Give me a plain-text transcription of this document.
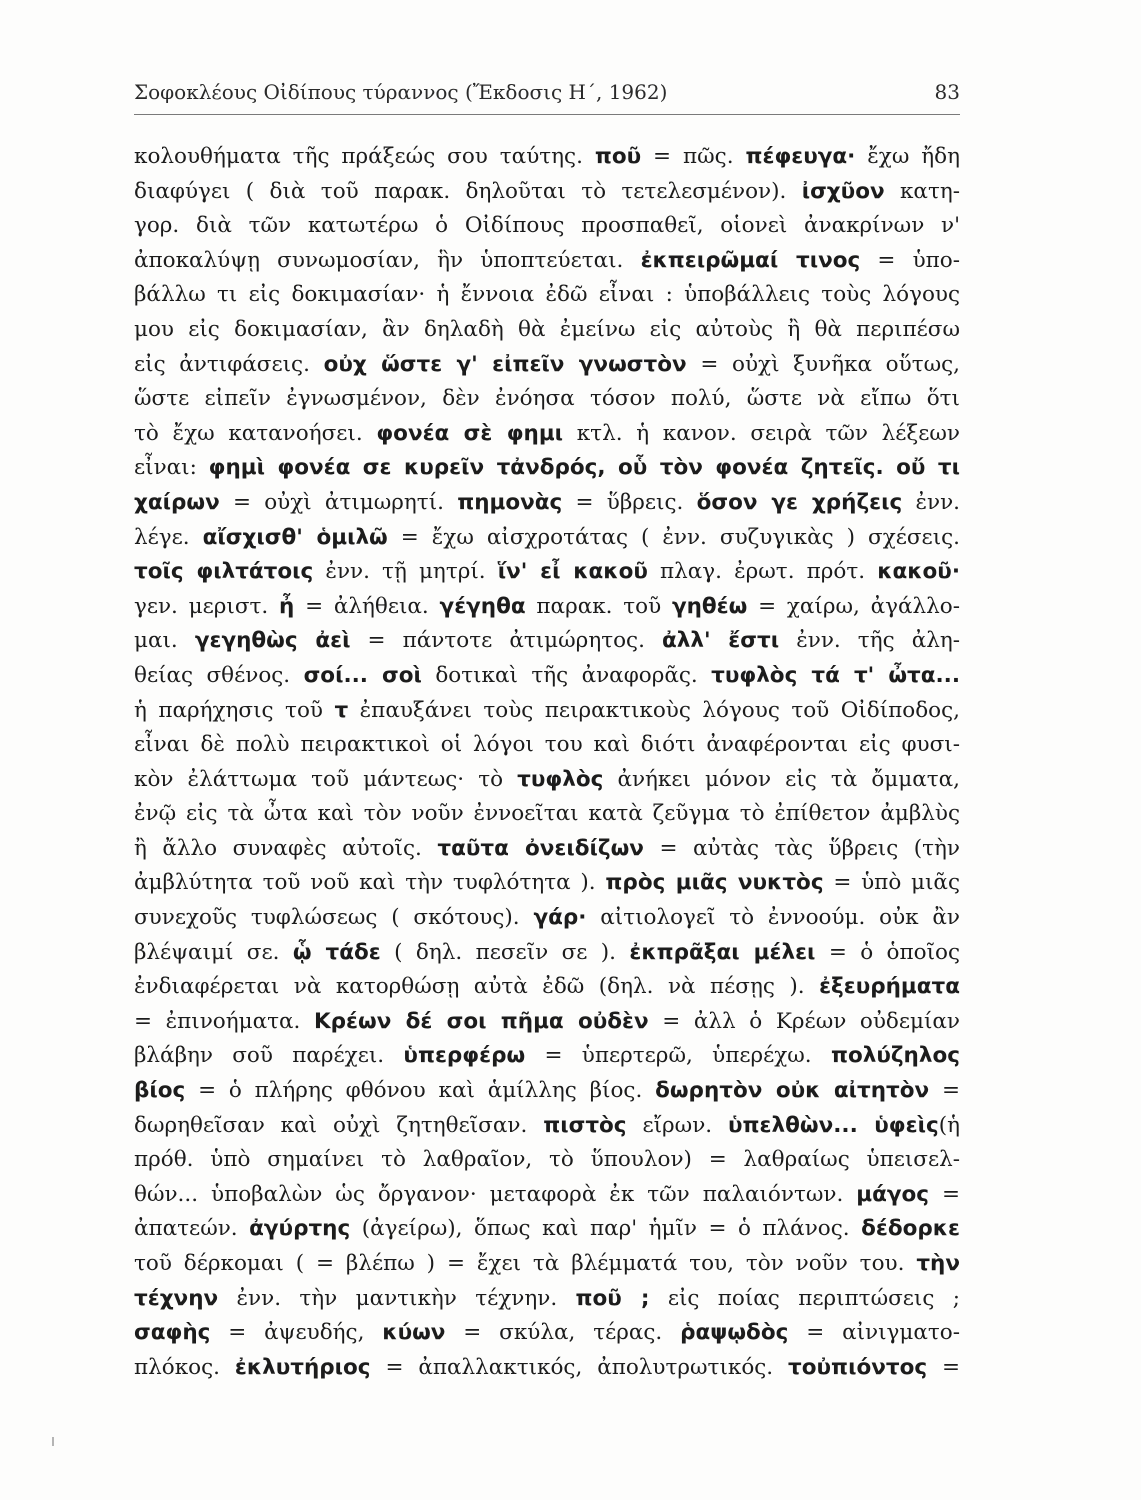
Σοφοκλέους Οἰδίπους τύραννος (Ἔκδοσις Η΄, 1962)	83
κολουθήματα τῆς πράξεώς σου ταύτης. ποῦ = πῶς. πέφευγα· ἔχω ἤδη
διαφύγει ( διὰ τοῦ παρακ. δηλοῦται τὸ τετελεσμένον). ἰσχῦον κατη-
γορ. διὰ τῶν κατωτέρω ὁ Οἰδίπους προσπαθεῖ, οἱονεὶ ἀνακρίνων ν'
ἀποκαλύψῃ συνωμοσίαν, ἣν ὑποπτεύεται. ἐκπειρῶμαί τινος = ὑπο-
βάλλω τι εἰς δοκιμασίαν· ἡ ἔννοια ἐδῶ εἶναι : ὑποβάλλεις τοὺς λόγους
μου εἰς δοκιμασίαν, ἂν δηλαδὴ θὰ ἐμείνω εἰς αὐτοὺς ἢ θὰ περιπέσω
εἰς ἀντιφάσεις. οὐχ ὥστε γ' εἰπεῖν γνωστὸν = οὐχὶ ξυνῆκα οὕτως,
ὥστε εἰπεῖν ἐγνωσμένον, δὲν ἐνόησα τόσον πολύ, ὥστε νὰ εἴπω ὅτι
τὸ ἔχω κατανοήσει. φονέα σὲ φημι κτλ. ἡ κανον. σειρὰ τῶν λέξεων
εἶναι: φημὶ φονέα σε κυρεῖν τἀνδρός, οὗ τὸν φονέα ζητεῖς. οὔ τι
χαίρων = οὐχὶ ἀτιμωρητί. πημονὰς = ὕβρεις. ὅσον γε χρήζεις ἐνν.
λέγε. αἴσχισθ' ὁμιλῶ = ἔχω αἰσχροτάτας ( ἐνν. συζυγικὰς ) σχέσεις.
τοῖς φιλτάτοις ἐνν. τῇ μητρί. ἵν' εἶ κακοῦ πλαγ. ἐρωτ. πρότ. κακοῦ·
γεν. μεριστ. ἦ = ἀλήθεια. γέγηθα παρακ. τοῦ γηθέω = χαίρω, ἀγάλλο-
μαι. γεγηθὼς ἀεὶ = πάντοτε ἀτιμώρητος. ἀλλ' ἔστι ἐνν. τῆς ἀλη-
θείας σθένος. σοί... σοὶ δοτικαὶ τῆς ἀναφορᾶς. τυφλὸς τά τ' ὦτα...
ἡ παρήχησις τοῦ τ ἐπαυξάνει τοὺς πειρακτικοὺς λόγους τοῦ Οἰδίποδος,
εἶναι δὲ πολὺ πειρακτικοὶ οἱ λόγοι του καὶ διότι ἀναφέρονται εἰς φυσι-
κὸν ἐλάττωμα τοῦ μάντεως· τὸ τυφλὸς ἀνήκει μόνον εἰς τὰ ὄμματα,
ἐνῷ εἰς τὰ ὦτα καὶ τὸν νοῦν ἐννοεῖται κατὰ ζεῦγμα τὸ ἐπίθετον ἀμβλὺς
ἢ ἄλλο συναφὲς αὐτοῖς. ταῦτα ὀνειδίζων = αὐτὰς τὰς ὕβρεις (τὴν
ἀμβλύτητα τοῦ νοῦ καὶ τὴν τυφλότητα ). πρὸς μιᾶς νυκτὸς = ὑπὸ μιᾶς
συνεχοῦς τυφλώσεως ( σκότους). γάρ· αἰτιολογεῖ τὸ ἐννοούμ. οὐκ ἂν
βλέψαιμί σε. ᾧ τάδε ( δηλ. πεσεῖν σε ). ἐκπρᾶξαι μέλει = ὁ ὁποῖος
ἐνδιαφέρεται νὰ κατορθώσῃ αὐτὰ ἐδῶ (δηλ. νὰ πέσῃς ). ἐξευρήματα
= ἐπινοήματα. Κρέων δέ σοι πῆμα οὐδὲν = ἀλλ ὁ Κρέων οὐδεμίαν
βλάβην σοῦ παρέχει. ὑπερφέρω = ὑπερτερῶ, ὑπερέχω. πολύζηλος
βίος = ὁ πλήρης φθόνου καὶ ἁμίλλης βίος. δωρητὸν οὐκ αἰτητὸν =
δωρηθεῖσαν καὶ οὐχὶ ζητηθεῖσαν. πιστὸς εἴρων. ὑπελθὼν... ὑφεὶς(ἡ
πρόθ. ὑπὸ σημαίνει τὸ λαθραῖον, τὸ ὕπουλον) = λαθραίως ὑπεισελ-
θών... ὑποβαλὼν ὡς ὄργανον· μεταφορὰ ἐκ τῶν παλαιόντων. μάγος =
ἀπατεών. ἀγύρτης (ἀγείρω), ὅπως καὶ παρ' ἡμῖν = ὁ πλάνος. δέδορκε
τοῦ δέρκομαι ( = βλέπω ) = ἔχει τὰ βλέμματά του, τὸν νοῦν του. τὴν
τέχνην ἐνν. τὴν μαντικὴν τέχνην. ποῦ ; εἰς ποίας περιπτώσεις ;
σαφὴς = ἀψευδής, κύων = σκύλα, τέρας. ῥαψῳδὸς = αἰνιγματο-
πλόκος. ἐκλυτήριος = ἀπαλλακτικός, ἀπολυτρωτικός. τοὐπιόντος =
